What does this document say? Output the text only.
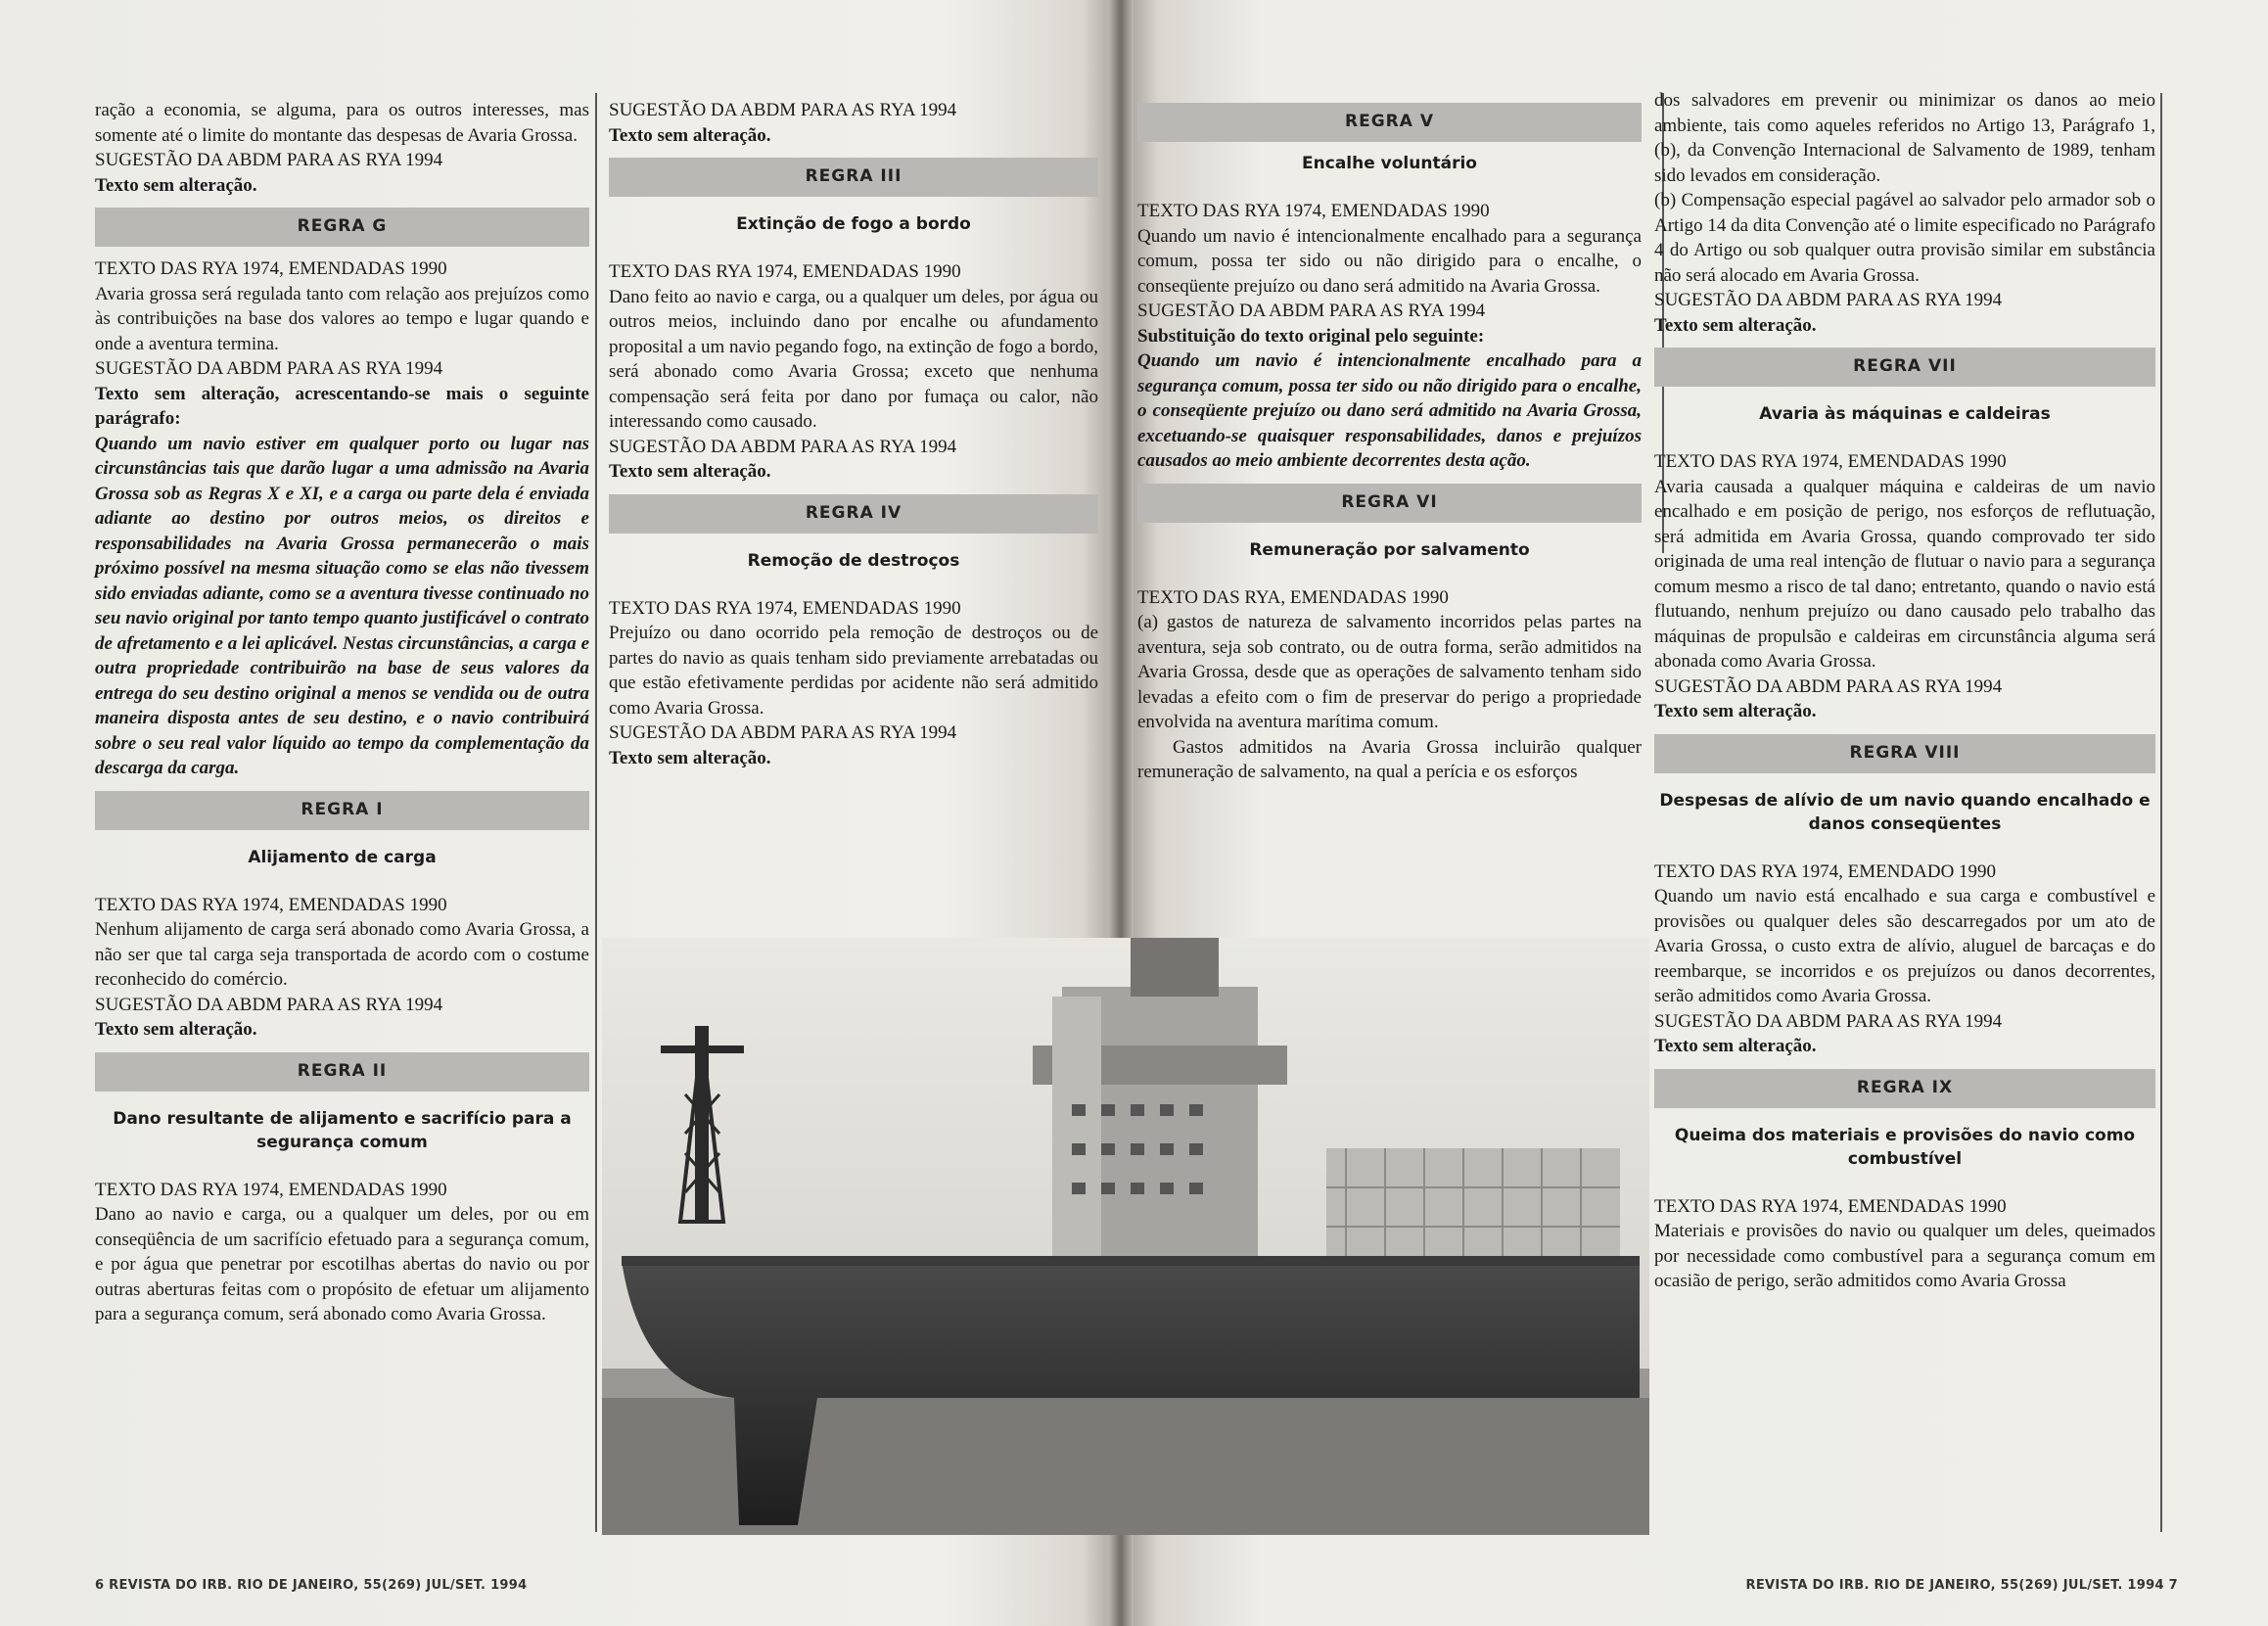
ração a economia, se alguma, para os outros interesses, mas somente até o limite do montante das despesas de Avaria Grossa.

SUGESTÃO DA ABDM PARA AS RYA 1994

Texto sem alteração.

REGRA G

TEXTO DAS RYA 1974, EMENDADAS 1990

Avaria grossa será regulada tanto com relação aos prejuízos como às contribuições na base dos valores ao tempo e lugar quando e onde a aventura termina.

SUGESTÃO DA ABDM PARA AS RYA 1994

Texto sem alteração, acrescentando-se mais o seguinte parágrafo:

Quando um navio estiver em qualquer porto ou lugar nas circunstâncias tais que darão lugar a uma admissão na Avaria Grossa sob as Regras X e XI, e a carga ou parte dela é enviada adiante ao destino por outros meios, os direitos e responsabilidades na Avaria Grossa permanecerão o mais próximo possível na mesma situação como se elas não tivessem sido enviadas adiante, como se a aventura tivesse continuado no seu navio original por tanto tempo quanto justificável o contrato de afretamento e a lei aplicável. Nestas circunstâncias, a carga e outra propriedade contribuirão na base de seus valores da entrega do seu destino original a menos se vendida ou de outra maneira disposta antes de seu destino, e o navio contribuirá sobre o seu real valor líquido ao tempo da complementação da descarga da carga.

REGRA I
Alijamento de carga

TEXTO DAS RYA 1974, EMENDADAS 1990

Nenhum alijamento de carga será abonado como Avaria Grossa, a não ser que tal carga seja transportada de acordo com o costume reconhecido do comércio.

SUGESTÃO DA ABDM PARA AS RYA 1994

Texto sem alteração.

REGRA II
Dano resultante de alijamento e sacrifício para a segurança comum

TEXTO DAS RYA 1974, EMENDADAS 1990

Dano ao navio e carga, ou a qualquer um deles, por ou em conseqüência de um sacrifício efetuado para a segurança comum, e por água que penetrar por escotilhas abertas do navio ou por outras aberturas feitas com o propósito de efetuar um alijamento para a segurança comum, será abonado como Avaria Grossa.

SUGESTÃO DA ABDM PARA AS RYA 1994

Texto sem alteração.

REGRA III
Extinção de fogo a bordo

TEXTO DAS RYA 1974, EMENDADAS 1990

Dano feito ao navio e carga, ou a qualquer um deles, por água ou outros meios, incluindo dano por encalhe ou afundamento proposital a um navio pegando fogo, na extinção de fogo a bordo, será abonado como Avaria Grossa; exceto que nenhuma compensação será feita por dano por fumaça ou calor, não interessando como causado.

SUGESTÃO DA ABDM PARA AS RYA 1994

Texto sem alteração.

REGRA IV
Remoção de destroços

TEXTO DAS RYA 1974, EMENDADAS 1990

Prejuízo ou dano ocorrido pela remoção de destroços ou de partes do navio as quais tenham sido previamente arrebatadas ou que estão efetivamente perdidas por acidente não será admitido como Avaria Grossa.

SUGESTÃO DA ABDM PARA AS RYA 1994

Texto sem alteração.

REGRA V
Encalhe voluntário

TEXTO DAS RYA 1974, EMENDADAS 1990

Quando um navio é intencionalmente encalhado para a segurança comum, possa ter sido ou não dirigido para o encalhe, o conseqüente prejuízo ou dano será admitido na Avaria Grossa.

SUGESTÃO DA ABDM PARA AS RYA 1994

Substituição do texto original pelo seguinte:

Quando um navio é intencionalmente encalhado para a segurança comum, possa ter sido ou não dirigido para o encalhe, o conseqüente prejuízo ou dano será admitido na Avaria Grossa, excetuando-se quaisquer responsabilidades, danos e prejuízos causados ao meio ambiente decorrentes desta ação.

REGRA VI
Remuneração por salvamento

TEXTO DAS RYA, EMENDADAS 1990

(a) gastos de natureza de salvamento incorridos pelas partes na aventura, seja sob contrato, ou de outra forma, serão admitidos na Avaria Grossa, desde que as operações de salvamento tenham sido levadas a efeito com o fim de preservar do perigo a propriedade envolvida na aventura marítima comum.

Gastos admitidos na Avaria Grossa incluirão qualquer remuneração de salvamento, na qual a perícia e os esforços

dos salvadores em prevenir ou minimizar os danos ao meio ambiente, tais como aqueles referidos no Artigo 13, Parágrafo 1, (b), da Convenção Internacional de Salvamento de 1989, tenham sido levados em consideração.

(b) Compensação especial pagável ao salvador pelo armador sob o Artigo 14 da dita Convenção até o limite especificado no Parágrafo 4 do Artigo ou sob qualquer outra provisão similar em substância não será alocado em Avaria Grossa.

SUGESTÃO DA ABDM PARA AS RYA 1994

Texto sem alteração.

REGRA VII
Avaria às máquinas e caldeiras

TEXTO DAS RYA 1974, EMENDADAS 1990

Avaria causada a qualquer máquina e caldeiras de um navio encalhado e em posição de perigo, nos esforços de reflutuação, será admitida em Avaria Grossa, quando comprovado ter sido originada de uma real intenção de flutuar o navio para a segurança comum mesmo a risco de tal dano; entretanto, quando o navio está flutuando, nenhum prejuízo ou dano causado pelo trabalho das máquinas de propulsão e caldeiras em circunstância alguma será abonada como Avaria Grossa.

SUGESTÃO DA ABDM PARA AS RYA 1994

Texto sem alteração.

REGRA VIII
Despesas de alívio de um navio quando encalhado e danos conseqüentes

TEXTO DAS RYA 1974, EMENDADO 1990

Quando um navio está encalhado e sua carga e combustível e provisões ou qualquer deles são descarregados por um ato de Avaria Grossa, o custo extra de alívio, aluguel de barcaças e do reembarque, se incorridos e os prejuízos ou danos decorrentes, serão admitidos como Avaria Grossa.

SUGESTÃO DA ABDM PARA AS RYA 1994

Texto sem alteração.

REGRA IX
Queima dos materiais e provisões do navio como combustível

TEXTO DAS RYA 1974, EMENDADAS 1990

Materiais e provisões do navio ou qualquer um deles, queimados por necessidade como combustível para a segurança comum em ocasião de perigo, serão admitidos como Avaria Grossa

6 REVISTA DO IRB. RIO DE JANEIRO, 55(269) JUL/SET. 1994	REVISTA DO IRB. RIO DE JANEIRO, 55(269) JUL/SET. 1994 7
